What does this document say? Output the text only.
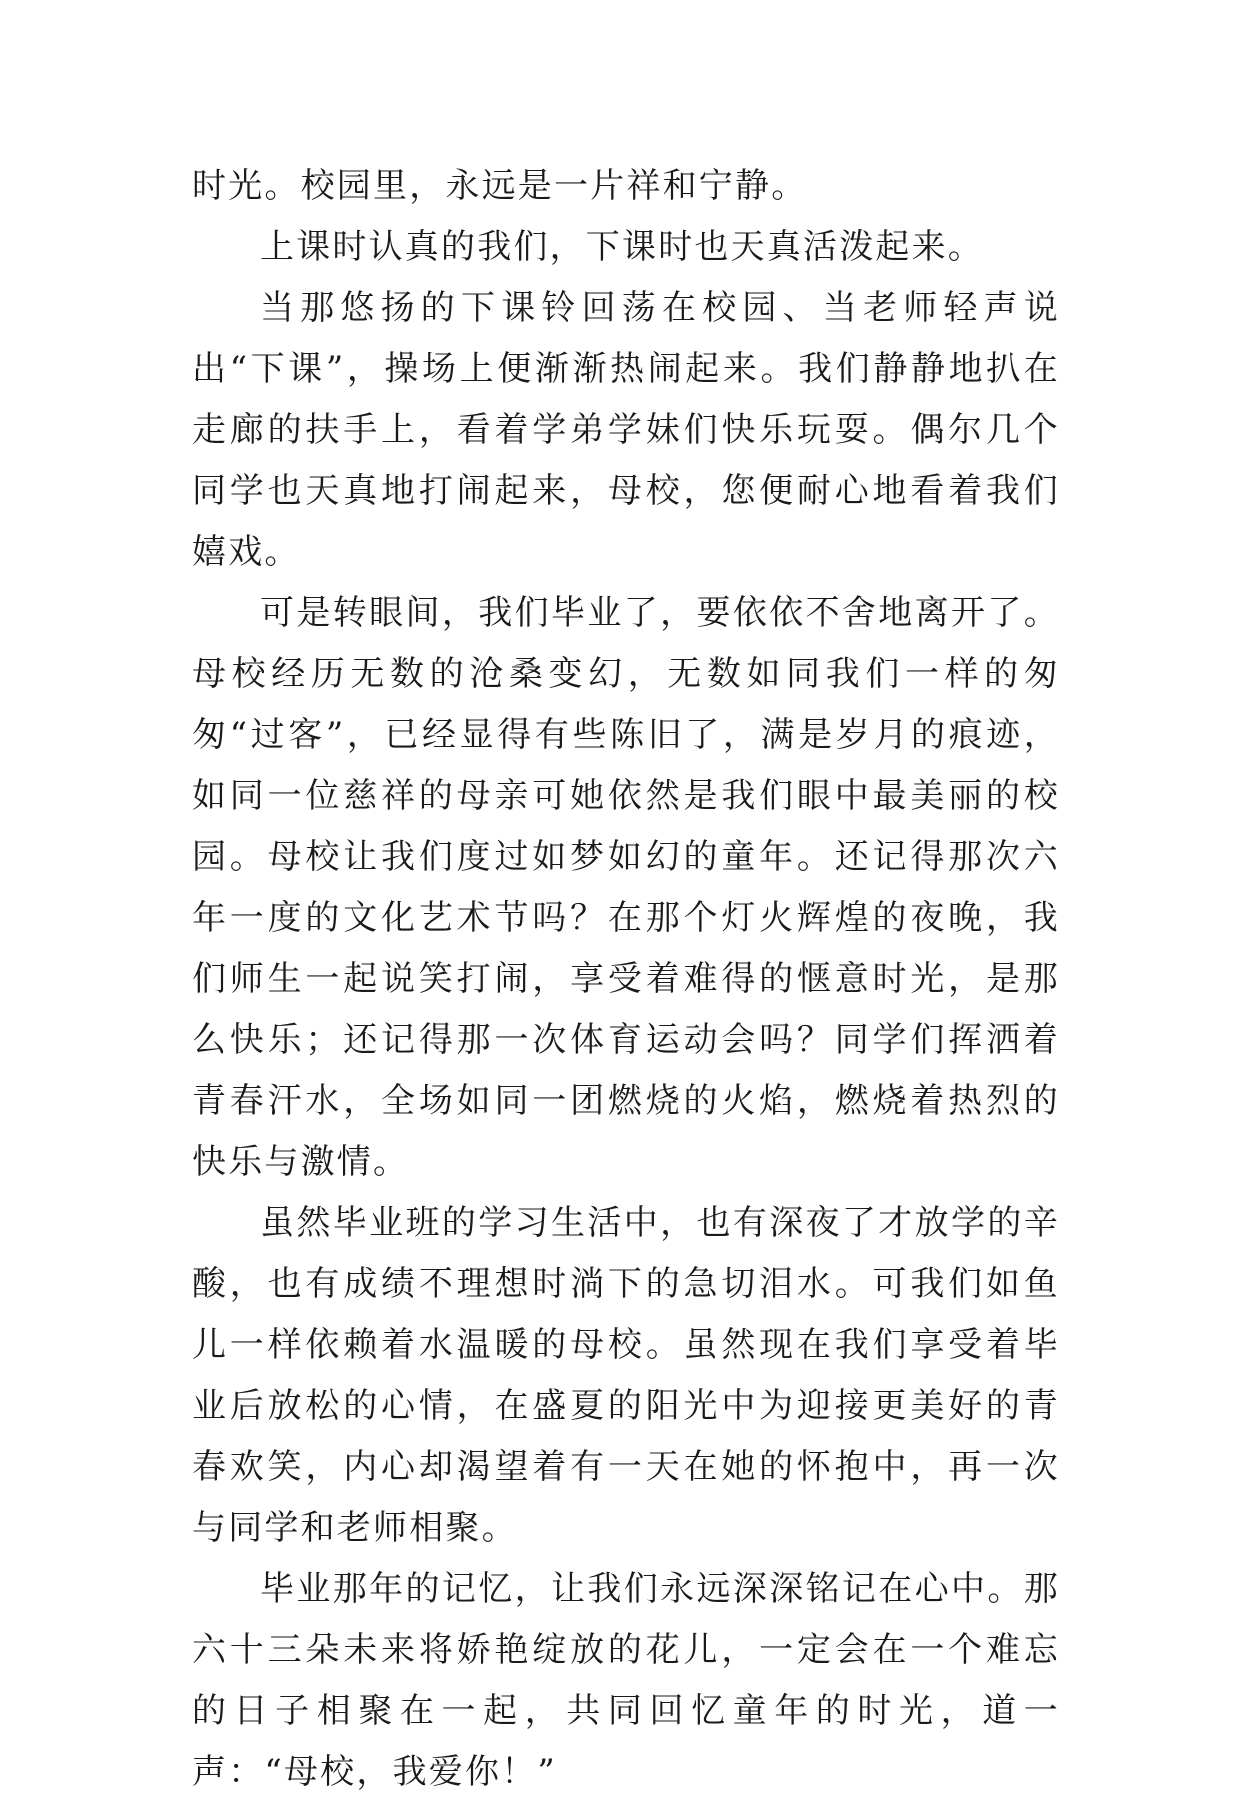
时光。校园里，永远是一片祥和宁静。

上课时认真的我们，下课时也天真活泼起来。

当那悠扬的下课铃回荡在校园、当老师轻声说出“下课”，操场上便渐渐热闹起来。我们静静地扒在走廊的扶手上，看着学弟学妹们快乐玩耍。偶尔几个同学也天真地打闹起来，母校，您便耐心地看着我们嬉戏。

可是转眼间，我们毕业了，要依依不舍地离开了。母校经历无数的沧桑变幻，无数如同我们一样的匆匆“过客”，已经显得有些陈旧了，满是岁月的痕迹，如同一位慈祥的母亲可她依然是我们眼中最美丽的校园。母校让我们度过如梦如幻的童年。还记得那次六年一度的文化艺术节吗？在那个灯火辉煌的夜晚，我们师生一起说笑打闹，享受着难得的惬意时光，是那么快乐；还记得那一次体育运动会吗？同学们挥洒着青春汗水，全场如同一团燃烧的火焰，燃烧着热烈的快乐与激情。

虽然毕业班的学习生活中，也有深夜了才放学的辛酸，也有成绩不理想时淌下的急切泪水。可我们如鱼儿一样依赖着水温暖的母校。虽然现在我们享受着毕业后放松的心情，在盛夏的阳光中为迎接更美好的青春欢笑，内心却渴望着有一天在她的怀抱中，再一次与同学和老师相聚。

毕业那年的记忆，让我们永远深深铭记在心中。那六十三朵未来将娇艳绽放的花儿，一定会在一个难忘的日子相聚在一起，共同回忆童年的时光，道一声：“母校，我爱你！”
